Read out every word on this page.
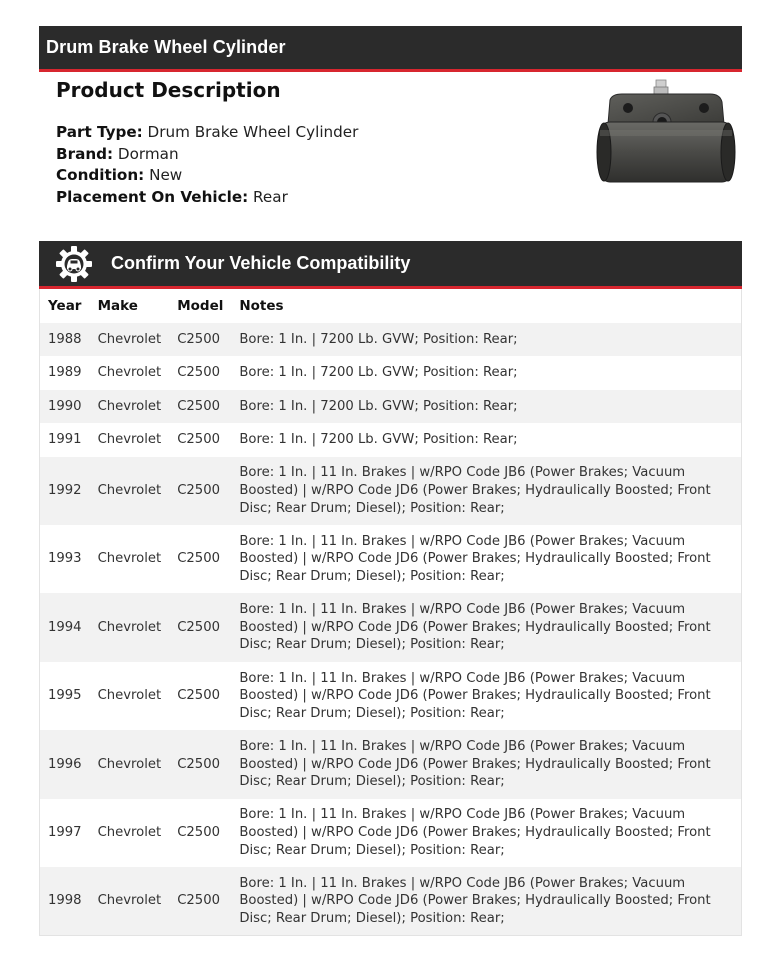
Drum Brake Wheel Cylinder
Product Description
Part Type: Drum Brake Wheel Cylinder
Brand: Dorman
Condition: New
Placement On Vehicle: Rear
Confirm Your Vehicle Compatibility
Year	Make	Model	Notes
1988	Chevrolet	C2500	Bore: 1 In. | 7200 Lb. GVW; Position: Rear;
1989	Chevrolet	C2500	Bore: 1 In. | 7200 Lb. GVW; Position: Rear;
1990	Chevrolet	C2500	Bore: 1 In. | 7200 Lb. GVW; Position: Rear;
1991	Chevrolet	C2500	Bore: 1 In. | 7200 Lb. GVW; Position: Rear;
1992	Chevrolet	C2500	Bore: 1 In. | 11 In. Brakes | w/RPO Code JB6 (Power Brakes; Vacuum Boosted) | w/RPO Code JD6 (Power Brakes; Hydraulically Boosted; Front Disc; Rear Drum; Diesel); Position: Rear;
1993	Chevrolet	C2500	Bore: 1 In. | 11 In. Brakes | w/RPO Code JB6 (Power Brakes; Vacuum Boosted) | w/RPO Code JD6 (Power Brakes; Hydraulically Boosted; Front Disc; Rear Drum; Diesel); Position: Rear;
1994	Chevrolet	C2500	Bore: 1 In. | 11 In. Brakes | w/RPO Code JB6 (Power Brakes; Vacuum Boosted) | w/RPO Code JD6 (Power Brakes; Hydraulically Boosted; Front Disc; Rear Drum; Diesel); Position: Rear;
1995	Chevrolet	C2500	Bore: 1 In. | 11 In. Brakes | w/RPO Code JB6 (Power Brakes; Vacuum Boosted) | w/RPO Code JD6 (Power Brakes; Hydraulically Boosted; Front Disc; Rear Drum; Diesel); Position: Rear;
1996	Chevrolet	C2500	Bore: 1 In. | 11 In. Brakes | w/RPO Code JB6 (Power Brakes; Vacuum Boosted) | w/RPO Code JD6 (Power Brakes; Hydraulically Boosted; Front Disc; Rear Drum; Diesel); Position: Rear;
1997	Chevrolet	C2500	Bore: 1 In. | 11 In. Brakes | w/RPO Code JB6 (Power Brakes; Vacuum Boosted) | w/RPO Code JD6 (Power Brakes; Hydraulically Boosted; Front Disc; Rear Drum; Diesel); Position: Rear;
1998	Chevrolet	C2500	Bore: 1 In. | 11 In. Brakes | w/RPO Code JB6 (Power Brakes; Vacuum Boosted) | w/RPO Code JD6 (Power Brakes; Hydraulically Boosted; Front Disc; Rear Drum; Diesel); Position: Rear;
